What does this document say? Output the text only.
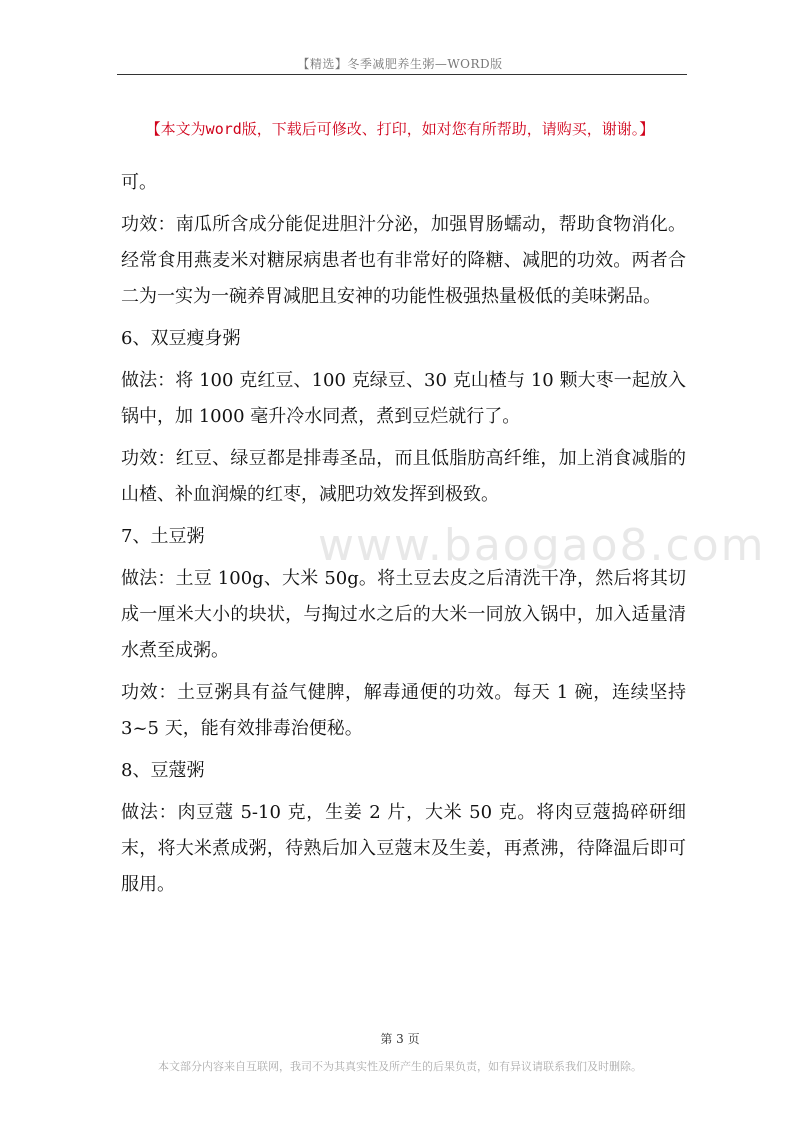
【精选】冬季减肥养生粥—WORD版
【本文为word版，下载后可修改、打印，如对您有所帮助，请购买，谢谢。】
www.baogao8.com

可。

功效：南瓜所含成分能促进胆汁分泌，加强胃肠蠕动，帮助食物消化。经常食用燕麦米对糖尿病患者也有非常好的降糖、减肥的功效。两者合二为一实为一碗养胃减肥且安神的功能性极强热量极低的美味粥品。

6、双豆瘦身粥

做法：将 100 克红豆、100 克绿豆、30 克山楂与 10 颗大枣一起放入锅中，加 1000 毫升冷水同煮，煮到豆烂就行了。

功效：红豆、绿豆都是排毒圣品，而且低脂肪高纤维，加上消食减脂的山楂、补血润燥的红枣，减肥功效发挥到极致。

7、土豆粥

做法：土豆 100g、大米 50g。将土豆去皮之后清洗干净，然后将其切成一厘米大小的块状，与掏过水之后的大米一同放入锅中，加入适量清水煮至成粥。

功效：土豆粥具有益气健脾，解毒通便的功效。每天 1 碗，连续坚持 3~5 天，能有效排毒治便秘。

8、豆蔻粥

做法：肉豆蔻 5-10 克，生姜 2 片，大米 50 克。将肉豆蔻捣碎研细末，将大米煮成粥，待熟后加入豆蔻末及生姜，再煮沸，待降温后即可服用。

第 3 页
本文部分内容来自互联网，我司不为其真实性及所产生的后果负责，如有异议请联系我们及时删除。
